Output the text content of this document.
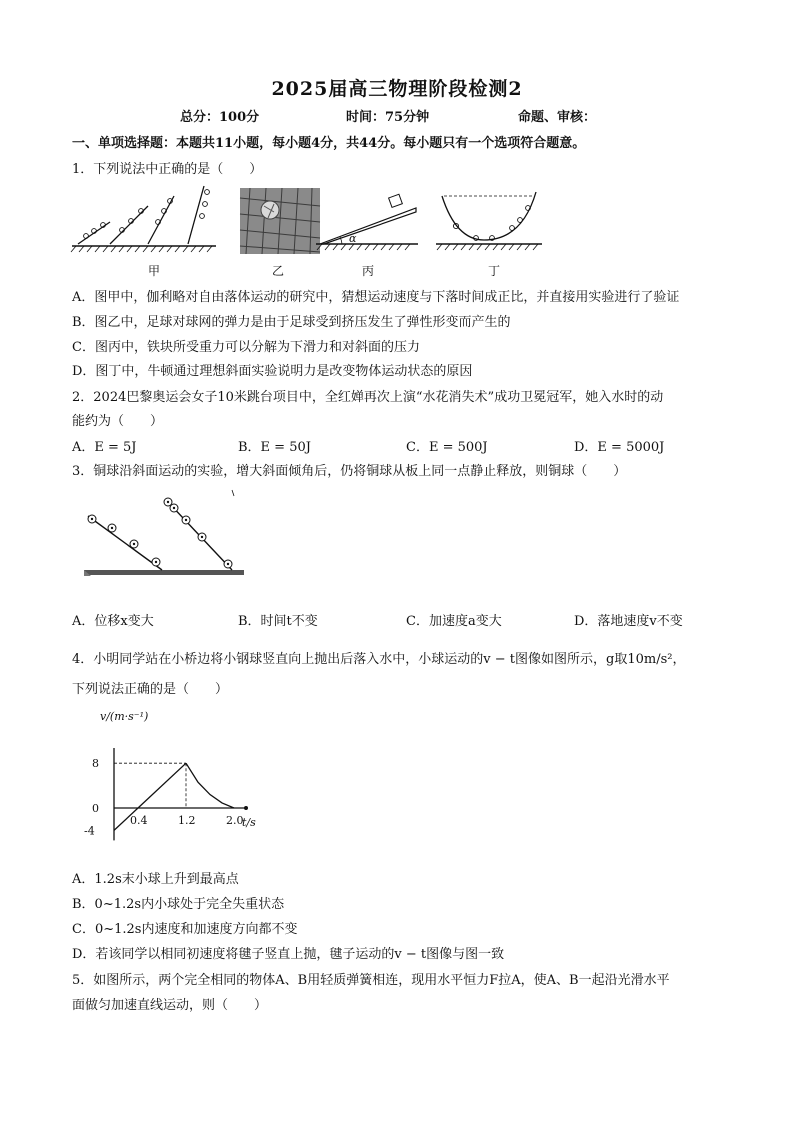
2025届高三物理阶段检测2
总分：100分	时间：75分钟	命题、审核：
一、单项选择题：本题共11小题，每小题4分，共44分。每小题只有一个选项符合题意。
1．下列说法中正确的是（　　）
甲	乙
α
丙	丁
A．图甲中，伽利略对自由落体运动的研究中，猜想运动速度与下落时间成正比，并直接用实验进行了验证
B．图乙中，足球对球网的弹力是由于足球受到挤压发生了弹性形变而产生的
C．图丙中，铁块所受重力可以分解为下滑力和对斜面的压力
D．图丁中，牛顿通过理想斜面实验说明力是改变物体运动状态的原因
2．2024巴黎奥运会女子10米跳台项目中，全红婵再次上演“水花消失术”成功卫冕冠军，她入水时的动
能约为（　　）
A．E = 5J	B．E = 50J	C．E = 500J	D．E = 5000J
3．铜球沿斜面运动的实验，增大斜面倾角后，仍将铜球从板上同一点静止释放，则铜球（　　）
A．位移x变大	B．时间t不变	C．加速度a变大	D．落地速度v不变
4．小明同学站在小桥边将小钢球竖直向上抛出后落入水中，小球运动的v − t图像如图所示，g取10m/s²，
下列说法正确的是（　　）
v/(m·s⁻¹)
t/s
0.4	1.2	2.0
8
0
-4
A．1.2s末小球上升到最高点
B．0~1.2s内小球处于完全失重状态
C．0~1.2s内速度和加速度方向都不变
D．若该同学以相同初速度将毽子竖直上抛，毽子运动的v − t图像与图一致
5．如图所示，两个完全相同的物体A、B用轻质弹簧相连，现用水平恒力F拉A，使A、B一起沿光滑水平
面做匀加速直线运动，则（　　）
